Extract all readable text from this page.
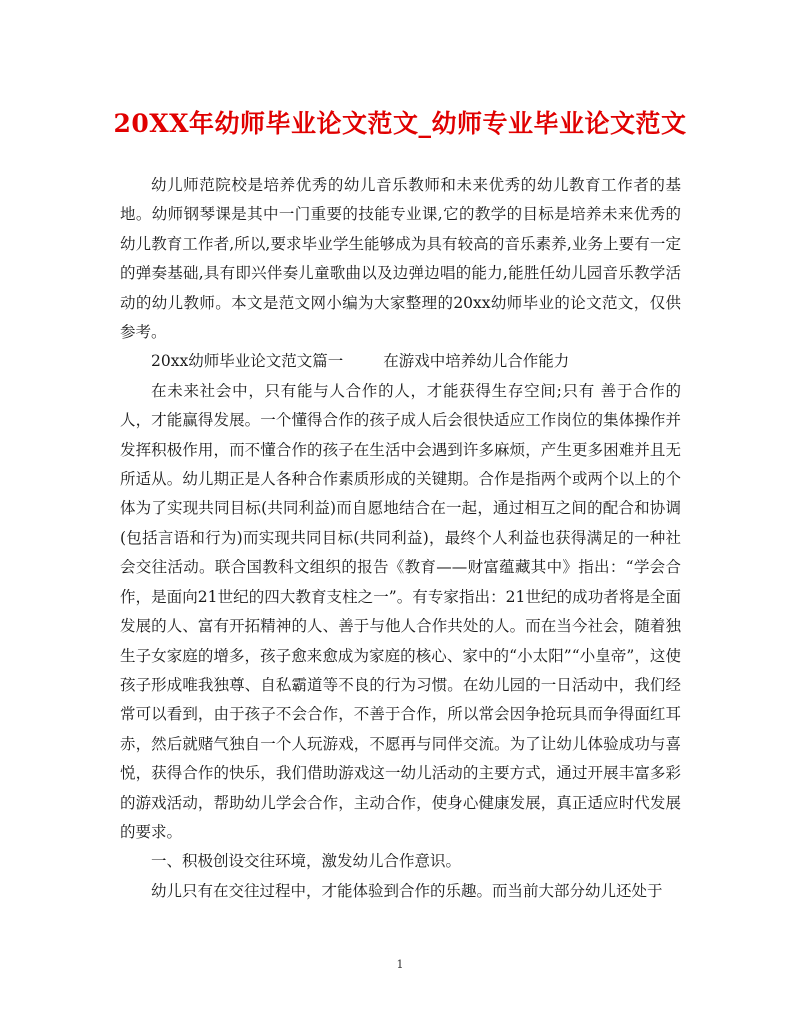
20XX年幼师毕业论文范文_幼师专业毕业论文范文

幼儿师范院校是培养优秀的幼儿音乐教师和未来优秀的幼儿教育工作者的基地。幼师钢琴课是其中一门重要的技能专业课,它的教学的目标是培养未来优秀的幼儿教育工作者,所以,要求毕业学生能够成为具有较高的音乐素养,业务上要有一定的弹奏基础,具有即兴伴奏儿童歌曲以及边弹边唱的能力,能胜任幼儿园音乐教学活动的幼儿教师。本文是范文网小编为大家整理的20xx幼师毕业的论文范文，仅供参考。

20xx幼师毕业论文范文篇一	在游戏中培养幼儿合作能力

在未来社会中，只有能与人合作的人，才能获得生存空间;只有 善于合作的人，才能赢得发展。一个懂得合作的孩子成人后会很快适应工作岗位的集体操作并发挥积极作用，而不懂合作的孩子在生活中会遇到许多麻烦，产生更多困难并且无所适从。幼儿期正是人各种合作素质形成的关键期。合作是指两个或两个以上的个体为了实现共同目标(共同利益)而自愿地结合在一起，通过相互之间的配合和协调(包括言语和行为)而实现共同目标(共同利益)，最终个人利益也获得满足的一种社会交往活动。联合国教科文组织的报告《教育——财富蕴藏其中》指出：“学会合作，是面向21世纪的四大教育支柱之一”。有专家指出：21世纪的成功者将是全面发展的人、富有开拓精神的人、善于与他人合作共处的人。而在当今社会，随着独生子女家庭的增多，孩子愈来愈成为家庭的核心、家中的“小太阳”“小皇帝”，这使孩子形成唯我独尊、自私霸道等不良的行为习惯。在幼儿园的一日活动中，我们经常可以看到，由于孩子不会合作，不善于合作，所以常会因争抢玩具而争得面红耳赤，然后就赌气独自一个人玩游戏，不愿再与同伴交流。为了让幼儿体验成功与喜悦，获得合作的快乐，我们借助游戏这一幼儿活动的主要方式，通过开展丰富多彩的游戏活动，帮助幼儿学会合作，主动合作，使身心健康发展，真正适应时代发展的要求。

一、积极创设交往环境，激发幼儿合作意识。

幼儿只有在交往过程中，才能体验到合作的乐趣。而当前大部分幼儿还处于

1
